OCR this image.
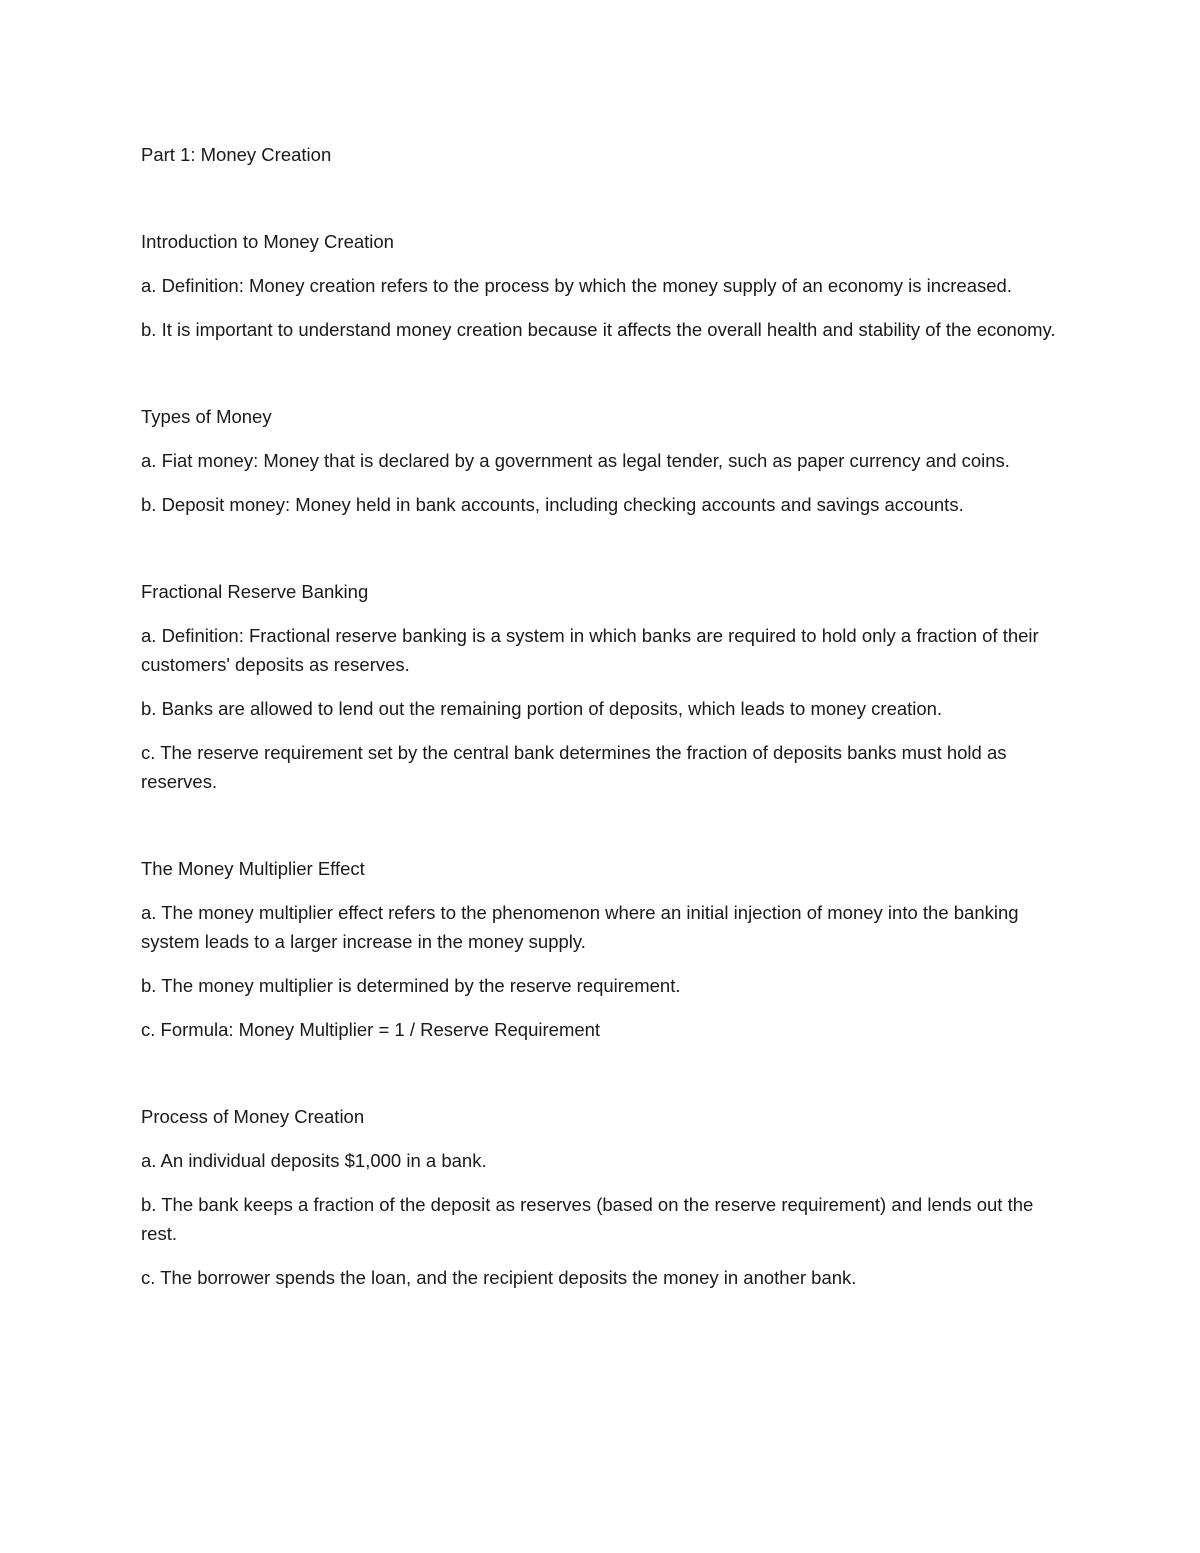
Part 1: Money Creation
Introduction to Money Creation

a. Definition: Money creation refers to the process by which the money supply of an economy is increased.

b. It is important to understand money creation because it affects the overall health and stability of the economy.

Types of Money

a. Fiat money: Money that is declared by a government as legal tender, such as paper currency and coins.

b. Deposit money: Money held in bank accounts, including checking accounts and savings accounts.

Fractional Reserve Banking

a. Definition: Fractional reserve banking is a system in which banks are required to hold only a fraction of their customers' deposits as reserves.

b. Banks are allowed to lend out the remaining portion of deposits, which leads to money creation.

c. The reserve requirement set by the central bank determines the fraction of deposits banks must hold as reserves.

The Money Multiplier Effect

a. The money multiplier effect refers to the phenomenon where an initial injection of money into the banking system leads to a larger increase in the money supply.

b. The money multiplier is determined by the reserve requirement.

c. Formula: Money Multiplier = 1 / Reserve Requirement

Process of Money Creation

a. An individual deposits $1,000 in a bank.

b. The bank keeps a fraction of the deposit as reserves (based on the reserve requirement) and lends out the rest.

c. The borrower spends the loan, and the recipient deposits the money in another bank.
